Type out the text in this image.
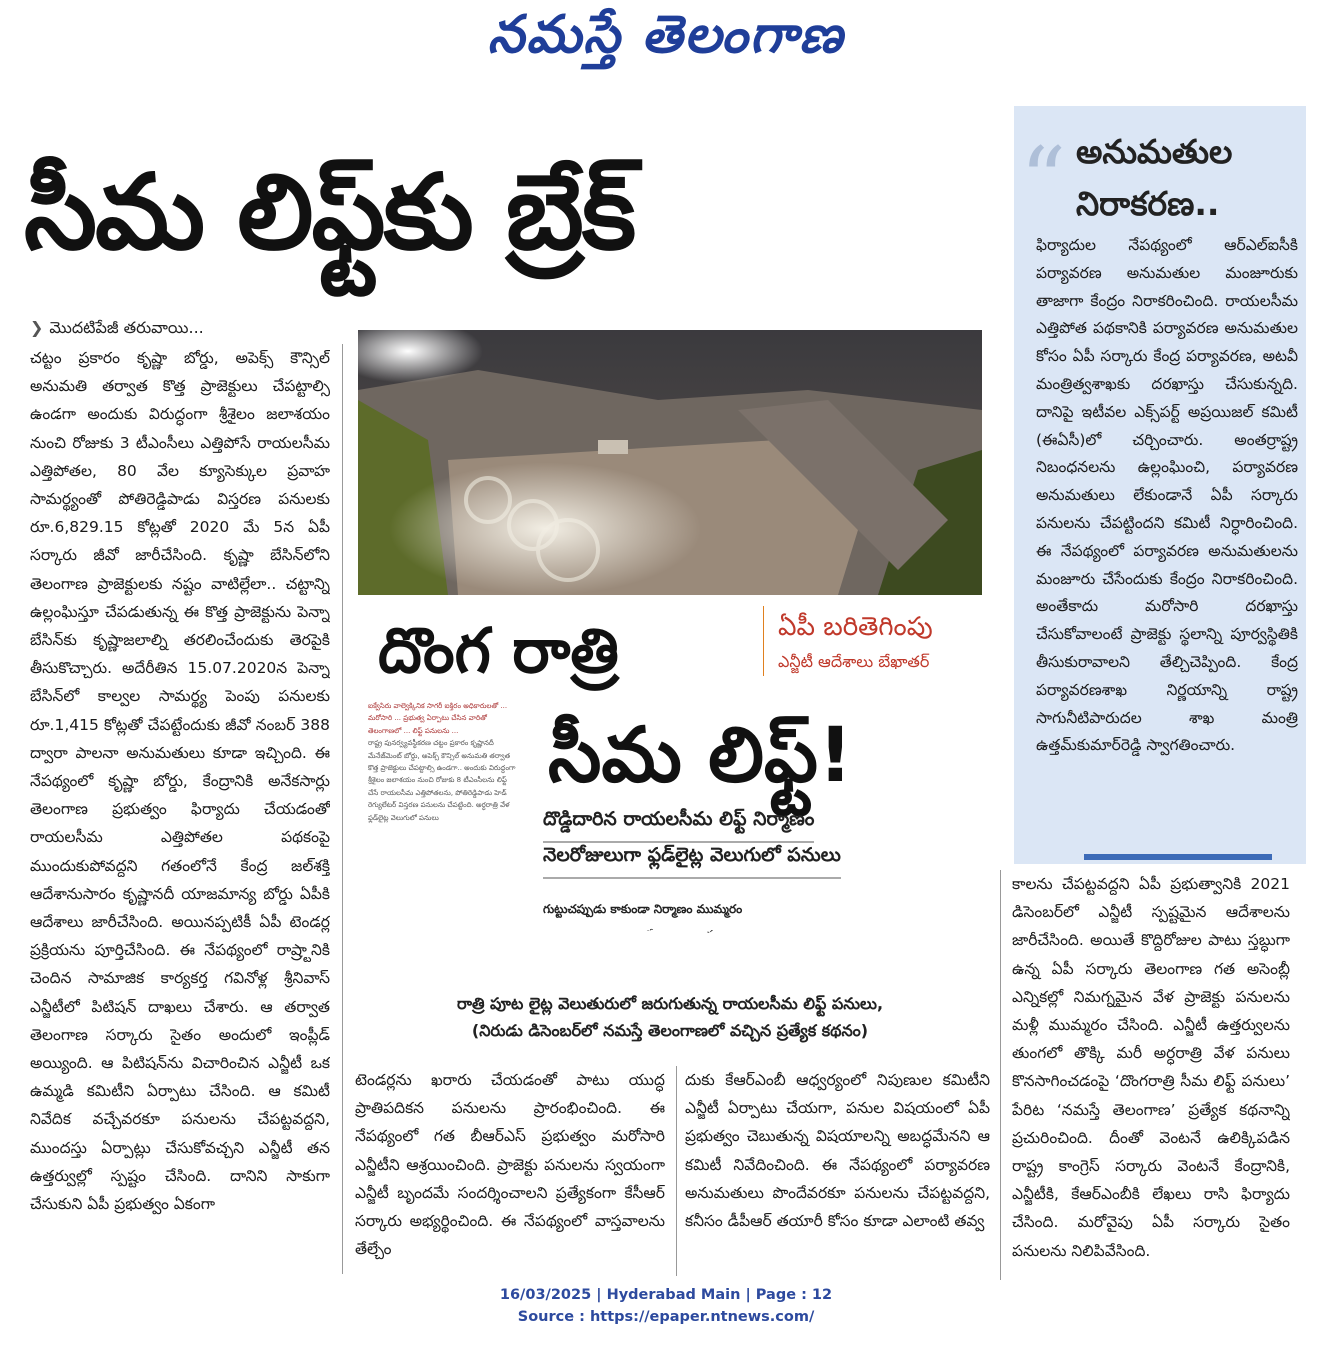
నమస్తే తెలంగాణ
సీమ లిఫ్ట్‌కు బ్రేక్
❯ మొదటిపేజీ తరువాయి...

చట్టం ప్రకారం కృష్ణా బోర్డు, అపెక్స్ కౌన్సిల్ అనుమతి తర్వాత కొత్త ప్రాజెక్టులు చేపట్టాల్సి ఉండగా అందుకు విరుద్ధంగా శ్రీశైలం జలాశయం నుంచి రోజుకు 3 టీఎంసీలు ఎత్తిపోసే రాయలసీమ ఎత్తిపోతల, 80 వేల క్యూసెక్కుల ప్రవాహ సామర్థ్యంతో పోతిరెడ్డిపాడు విస్తరణ పనులకు రూ.6,829.15 కోట్లతో 2020 మే 5న ఏపీ సర్కారు జీవో జారీచేసింది. కృష్ణా బేసిన్‌లోని తెలంగాణ ప్రాజెక్టులకు నష్టం వాటిల్లేలా.. చట్టాన్ని ఉల్లంఘిస్తూ చేపడుతున్న ఈ కొత్త ప్రాజెక్టును పెన్నా బేసిన్‌కు కృష్ణాజలాల్ని తరలించేందుకు తెరపైకి తీసుకొచ్చారు. అదేరీతిన 15.07.2020న పెన్నా బేసిన్‌లో కాల్వల సామర్థ్య పెంపు పనులకు రూ.1,415 కోట్లతో చేపట్టేందుకు జీవో నంబర్ 388 ద్వారా పాలనా అనుమతులు కూడా ఇచ్చింది. ఈ నేపథ్యంలో కృష్ణా బోర్డు, కేంద్రానికి అనేకసార్లు తెలంగాణ ప్రభుత్వం ఫిర్యాదు చేయడంతో రాయలసీమ ఎత్తిపోతల పథకంపై ముందుకుపోవద్దని గతంలోనే కేంద్ర జల్‌శక్తి ఆదేశానుసారం కృష్ణానదీ యాజమాన్య బోర్డు ఏపీకి ఆదేశాలు జారీచేసింది. అయినప్పటికీ ఏపీ టెండర్ల ప్రక్రియను పూర్తిచేసింది. ఈ నేపథ్యంలో రాష్ర్టానికి చెందిన సామాజిక కార్యకర్త గవినోళ్ల శ్రీనివాస్ ఎన్జీటీలో పిటిషన్ దాఖలు చేశారు. ఆ తర్వాత తెలంగాణ సర్కారు సైతం అందులో ఇంప్లీడ్ అయ్యింది. ఆ పిటిషన్‌ను విచారించిన ఎన్జీటీ ఒక ఉమ్మడి కమిటీని ఏర్పాటు చేసింది. ఆ కమిటీ నివేదిక వచ్చేవరకూ పనులను చేపట్టవద్దని, ముందస్తు ఏర్పాట్లు చేసుకోవచ్చని ఎన్జీటీ తన ఉత్తర్వుల్లో స్పష్టం చేసింది. దానిని సాకుగా చేసుకుని ఏపీ ప్రభుత్వం ఏకంగా

టెండర్లను ఖరారు చేయడంతో పాటు యుద్ధ ప్రాతిపదికన పనులను ప్రారంభించింది. ఈ నేపథ్యంలో గత బీఆర్‌ఎస్ ప్రభుత్వం మరోసారి ఎన్జీటీని ఆశ్రయించింది. ప్రాజెక్టు పనులను స్వయంగా ఎన్జీటీ బృందమే సందర్శించాలని ప్రత్యేకంగా కేసీఆర్ సర్కారు అభ్యర్థించింది. ఈ నేపథ్యంలో వాస్తవాలను తేల్చేం

దుకు కేఆర్‌ఎంబీ ఆధ్వర్యంలో నిపుణుల కమిటీని ఎన్జీటీ ఏర్పాటు చేయగా, పనుల విషయంలో ఏపీ ప్రభుత్వం చెబుతున్న విషయాలన్ని అబద్ధమేనని ఆ కమిటీ నివేదించింది. ఈ నేపథ్యంలో పర్యావరణ అనుమతులు పొందేవరకూ పనులను చేపట్టవద్దని, కనీసం డీపీఆర్ తయారీ కోసం కూడా ఎలాంటి తవ్వ

కాలను చేపట్టవద్దని ఏపీ ప్రభుత్వానికి 2021 డిసెంబర్‌లో ఎన్జీటీ స్పష్టమైన ఆదేశాలను జారీచేసింది. అయితే కొద్దిరోజుల పాటు స్తబ్ధుగా ఉన్న ఏపీ సర్కారు తెలంగాణ గత అసెంబ్లీ ఎన్నికల్లో నిమగ్నమైన వేళ ప్రాజెక్టు పనులను మళ్లీ ముమ్మరం చేసింది. ఎన్జీటీ ఉత్తర్వులను తుంగలో తొక్కి మరీ అర్ధరాత్రి వేళ పనులు కొనసాగించడంపై ‘దొంగరాత్రి సీమ లిఫ్ట్ పనులు’ పేరిట ‘నమస్తే తెలంగాణ’ ప్రత్యేక కథనాన్ని ప్రచురించింది. దీంతో వెంటనే ఉలిక్కిపడిన రాష్ట్ర కాంగ్రెస్ సర్కారు వెంటనే కేంద్రానికి, ఎన్జీటీకి, కేఆర్‌ఎంబీకి లేఖలు రాసి ఫిర్యాదు చేసింది. మరోవైపు ఏపీ సర్కారు సైతం పనులను నిలిపివేసింది.

“ అనుమతుల
నిరాకరణ..
ఫిర్యాదుల నేపథ్యంలో ఆర్‌ఎల్‌ఐసీకి పర్యావరణ అనుమతుల మంజూరుకు తాజాగా కేంద్రం నిరాకరించింది. రాయలసీమ ఎత్తిపోత పథకానికి పర్యావరణ అనుమతుల కోసం ఏపీ సర్కారు కేంద్ర పర్యావరణ, అటవీ మంత్రిత్వశాఖకు దరఖాస్తు చేసుకున్నది. దానిపై ఇటీవల ఎక్స్‌పర్ట్ అప్రయిజల్ కమిటీ (ఈఏసీ)లో చర్చించారు. అంతర్రాష్ట్ర నిబంధనలను ఉల్లంఘించి, పర్యావరణ అనుమతులు లేకుండానే ఏపీ సర్కారు పనులను చేపట్టిందని కమిటీ నిర్ధారించింది. ఈ నేపథ్యంలో పర్యావరణ అనుమతులను మంజూరు చేసేందుకు కేంద్రం నిరాకరించింది. అంతేకాదు మరోసారి దరఖాస్తు చేసుకోవాలంటే ప్రాజెక్టు స్థలాన్ని పూర్వస్థితికి తీసుకురావాలని తేల్చిచెప్పింది. కేంద్ర పర్యావరణశాఖ నిర్ణయాన్ని రాష్ట్ర సాగునీటిపారుదల శాఖ మంత్రి ఉత్తమ్‌కుమార్‌రెడ్డి స్వాగతించారు.
దొంగ రాత్రి	ఏపీ బరితెగింపు
ఎన్జీటీ ఆదేశాలు బేఖాతర్
ఐక్వేసిరు వాల్వెక్కినిక సాగరీ ఐక్తిరం అధికారులతో ... మరోసారి ... ప్రభుత్వ ఏర్పాటు చేసిన వారితో తెలంగాణలో ... లిఫ్ట్ పనులను ...
రాష్ట్ర పునర్వ్యవస్థీకరణ చట్టం ప్రకారం కృష్ణానదీ మేనేజ్‌మెంట్ బోర్డు, అపెక్స్ కౌన్సిల్ అనుమతి తర్వాత కొత్త ప్రాజెక్టులు చేపట్టాల్సి ఉండగా.. అందుకు విరుద్ధంగా శ్రీశైలం జలాశయం నుంచి రోజుకు 8 టీఎంసీలను లిఫ్ట్ చేసే రాయలసీమ ఎత్తిపోతలను, పోతిరెడ్డిపాడు హెడ్ రెగ్యులేటర్ విస్తరణ పనులను చేపట్టింది. అర్ధరాత్రి వేళ ఫ్లడ్‌లైట్ల వెలుగులో పనులు
సీమ లిఫ్ట్!
దొడ్డిదారిన రాయలసీమ లిఫ్ట్ నిర్మాణం
నెలరోజులుగా ఫ్లడ్‌లైట్ల వెలుగులో పనులు
గుట్టుచప్పుడు కాకుండా నిర్మాణం ముమ్మరం
రాత్రి పూట లైట్ల వెలుతురులో జరుగుతున్న రాయలసీమ లిఫ్ట్ పనులు,
(నిరుడు డిసెంబర్‌లో నమస్తే తెలంగాణలో వచ్చిన ప్రత్యేక కథనం)
16/03/2025 | Hyderabad Main | Page : 12
Source : https://epaper.ntnews.com/
